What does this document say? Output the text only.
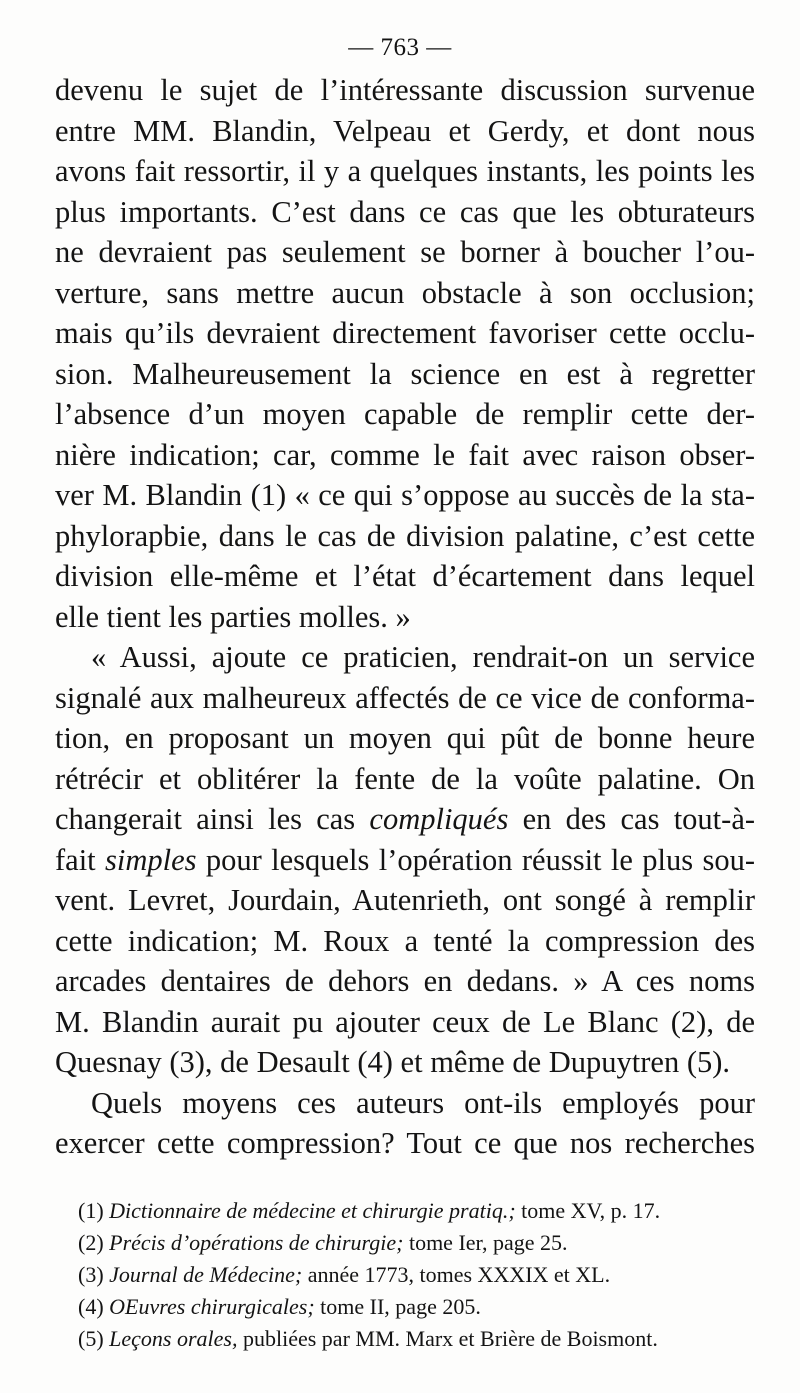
— 763 —
devenu le sujet de l’intéressante discussion survenue
entre MM. Blandin, Velpeau et Gerdy, et dont nous
avons fait ressortir, il y a quelques instants, les points les
plus importants. C’est dans ce cas que les obturateurs
ne devraient pas seulement se borner à boucher l’ou-
verture, sans mettre aucun obstacle à son occlusion;
mais qu’ils devraient directement favoriser cette occlu-
sion. Malheureusement la science en est à regretter
l’absence d’un moyen capable de remplir cette der-
nière indication; car, comme le fait avec raison obser-
ver M. Blandin (1) « ce qui s’oppose au succès de la sta-
phylorapbie, dans le cas de division palatine, c’est cette
division elle-même et l’état d’écartement dans lequel
elle tient les parties molles. »
« Aussi, ajoute ce praticien, rendrait-on un service
signalé aux malheureux affectés de ce vice de conforma-
tion, en proposant un moyen qui pût de bonne heure
rétrécir et oblitérer la fente de la voûte palatine. On
changerait ainsi les cas compliqués en des cas tout-à-
fait simples pour lesquels l’opération réussit le plus sou-
vent. Levret, Jourdain, Autenrieth, ont songé à remplir
cette indication; M. Roux a tenté la compression des
arcades dentaires de dehors en dedans. » A ces noms
M. Blandin aurait pu ajouter ceux de Le Blanc (2), de
Quesnay (3), de Desault (4) et même de Dupuytren (5).
Quels moyens ces auteurs ont-ils employés pour
exercer cette compression? Tout ce que nos recherches
(1) Dictionnaire de médecine et chirurgie pratiq.; tome XV, p. 17.
(2) Précis d’opérations de chirurgie; tome Ier, page 25.
(3) Journal de Médecine; année 1773, tomes XXXIX et XL.
(4) OEuvres chirurgicales; tome II, page 205.
(5) Leçons orales, publiées par MM. Marx et Brière de Boismont.
